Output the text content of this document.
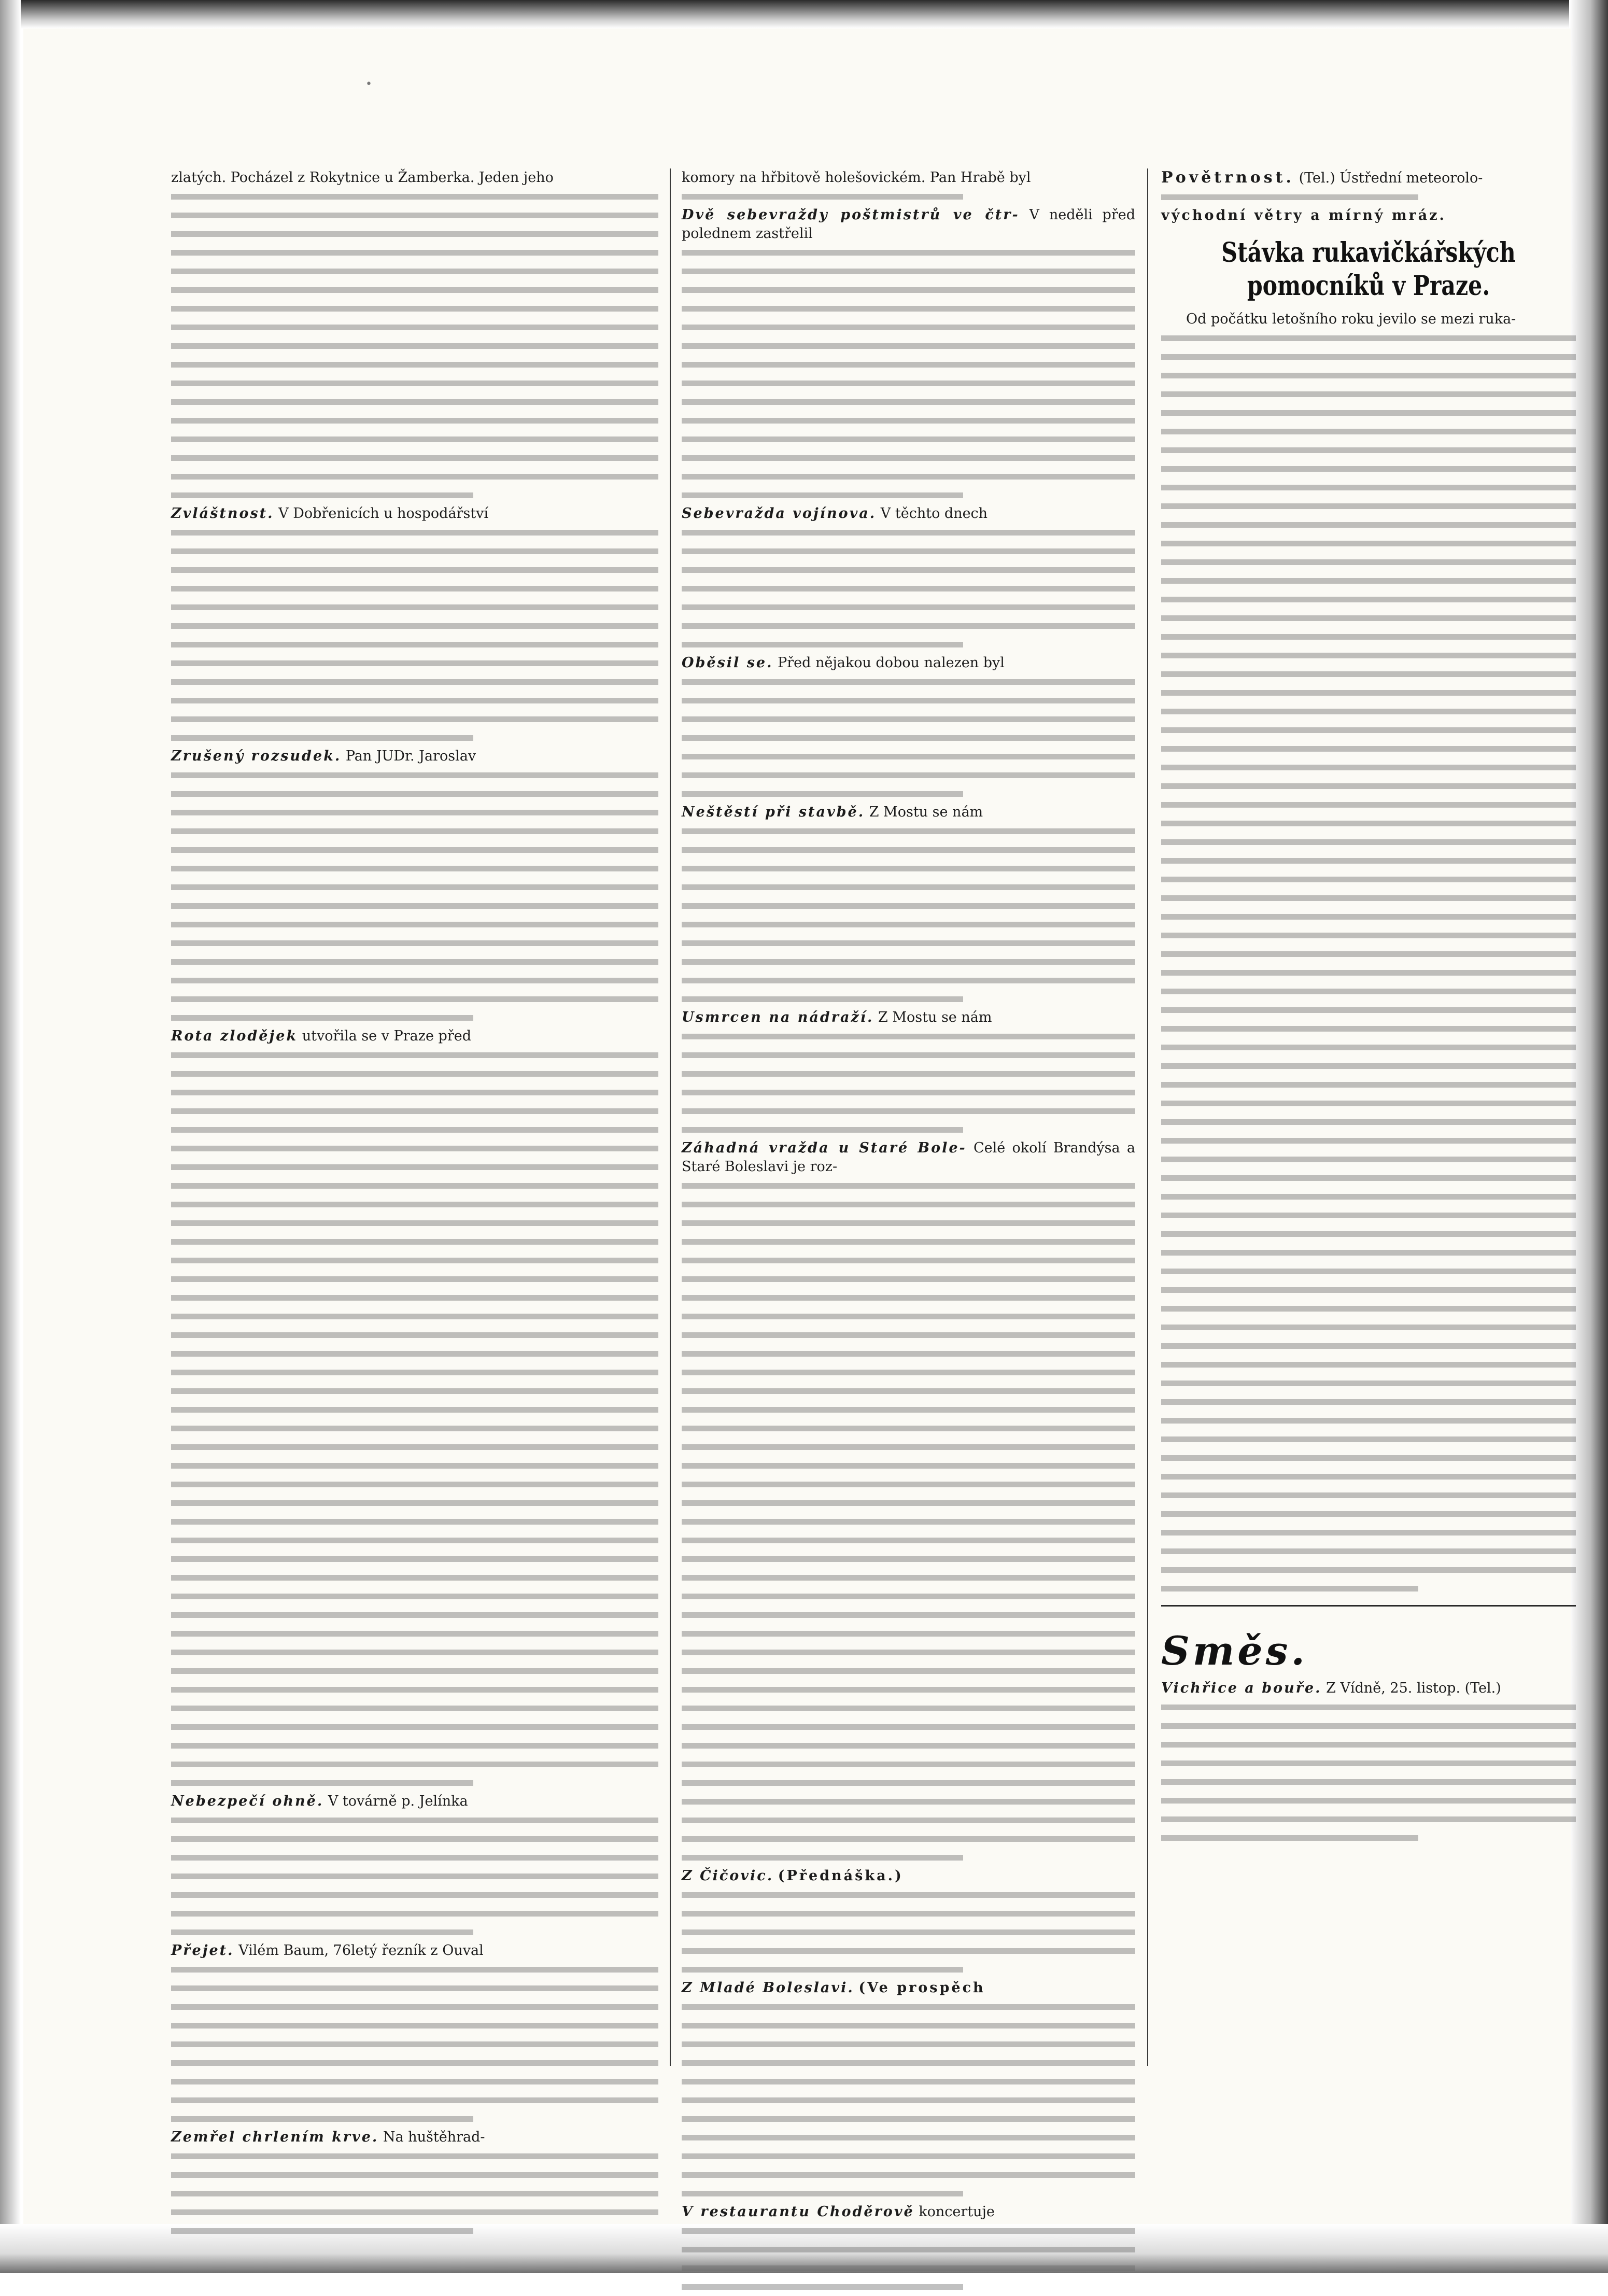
•

zlatých. Pocházel z Rokytnice u Žamberka. Jeden jeho

Zvláštnost. V Dobřenicích u hospodářství

Zrušený rozsudek. Pan JUDr. Jaroslav

Rota zlodějek utvořila se v Praze před

Nebezpečí ohně. V továrně p. Jelínka

Přejet. Vilém Baum, 76letý řezník z Ouval

Zemřel chrlením krve. Na huštěhrad-

komory na hřbitově holešovickém. Pan Hrabě byl

Dvě sebevraždy poštmistrů ve čtr- V neděli před polednem zastřelil

Sebevražda vojínova. V těchto dnech

Oběsil se. Před nějakou dobou nalezen byl

Neštěstí při stavbě. Z Mostu se nám

Usmrcen na nádraží. Z Mostu se nám

Záhadná vražda u Staré Bole- Celé okolí Brandýsa a Staré Boleslavi je roz-

Z Čičovic. (Přednáška.)

Z Mladé Boleslavi. (Ve prospěch

V restaurantu Choděrově koncertuje

Povětrnost. (Tel.) Ústřední meteorolo-

východní větry a mírný mráz.

Stávka rukavičkářských pomocníků v Praze.

Od počátku letošního roku jevilo se mezi ruka-

Směs.

Vichřice a bouře. Z Vídně, 25. listop. (Tel.)
